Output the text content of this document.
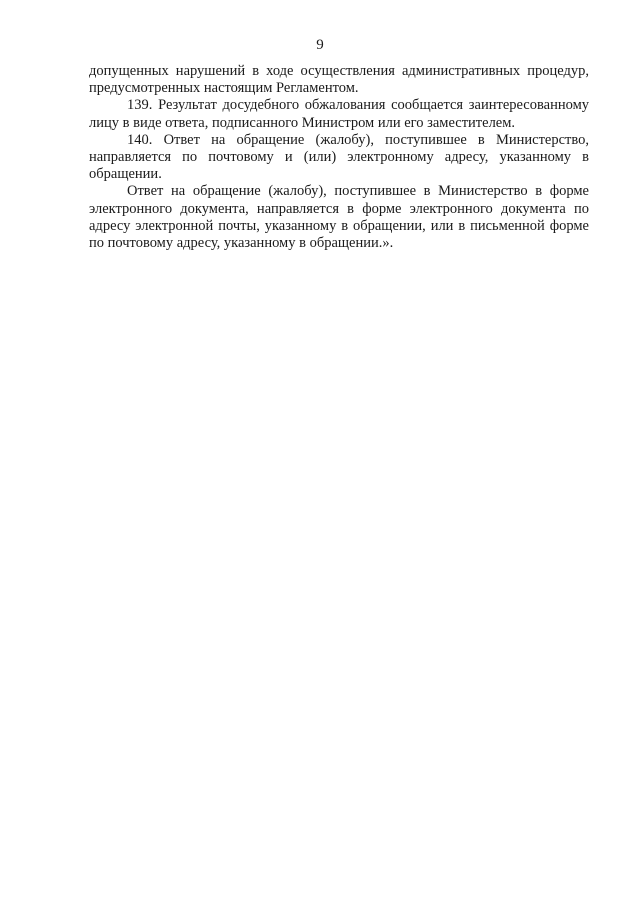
9

допущенных нарушений в ходе осуществления административных процедур, предусмотренных настоящим Регламентом.

139. Результат досудебного обжалования сообщается заинтересованному лицу в виде ответа, подписанного Министром или его заместителем.

140. Ответ на обращение (жалобу), поступившее в Министерство, направляется по почтовому и (или) электронному адресу, указанному в обращении.

Ответ на обращение (жалобу), поступившее в Министерство в форме электронного документа, направляется в форме электронного документа по адресу электронной почты, указанному в обращении, или в письменной форме по почтовому адресу, указанному в обращении.».
